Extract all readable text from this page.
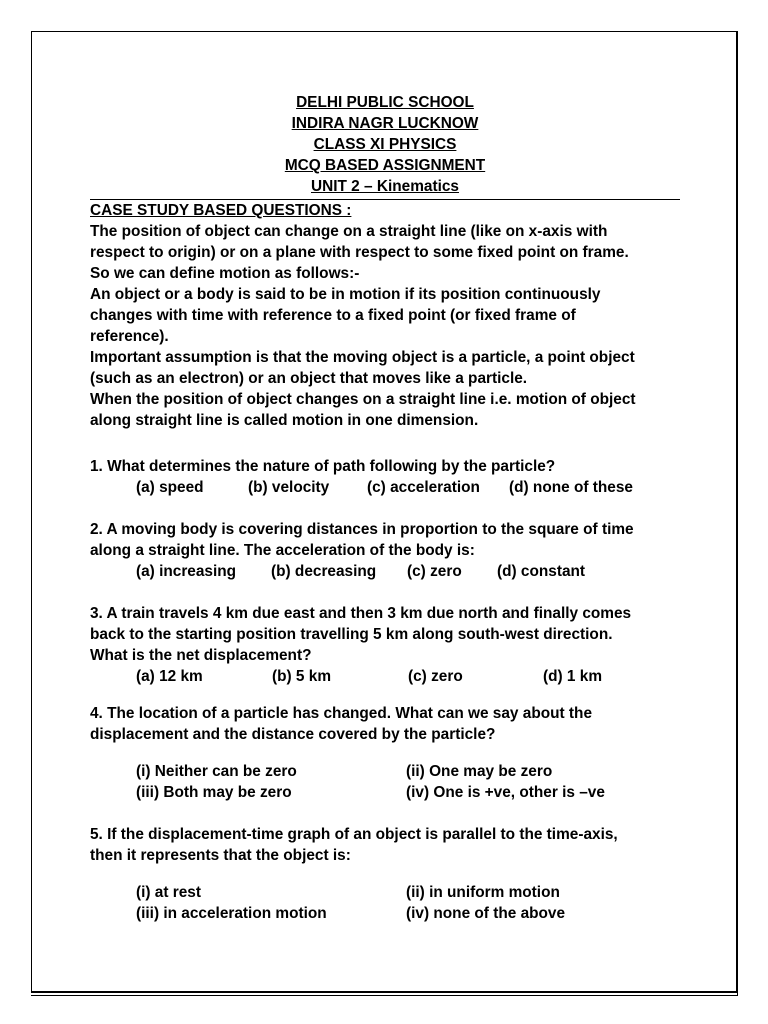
DELHI PUBLIC SCHOOL
INDIRA NAGR LUCKNOW
CLASS XI PHYSICS
MCQ BASED ASSIGNMENT
UNIT 2 – Kinematics
CASE STUDY BASED QUESTIONS :
The position of object can change on a straight line (like on x-axis with
respect to origin) or on a plane with respect to some fixed point on frame.
So we can define motion as follows:-
An object or a body is said to be in motion if its position continuously
changes with time with reference to a fixed point (or fixed frame of
reference).
Important assumption is that the moving object is a particle, a point object
(such as an electron) or an object that moves like a particle.
When the position of object changes on a straight line i.e. motion of object
along straight line is called motion in one dimension.
1. What determines the nature of path following by the particle?
(a) speed	(b) velocity	(c) acceleration	(d) none of these
2. A moving body is covering distances in proportion to the square of time
along a straight line. The acceleration of the body is:
(a) increasing	(b) decreasing	(c) zero	(d) constant
3. A train travels 4 km due east and then 3 km due north and finally comes
back to the starting position travelling 5 km along south-west direction.
What is the net displacement?
(a) 12 km	(b) 5 km	(c) zero	(d) 1 km
4. The location of a particle has changed. What can we say about the
displacement and the distance covered by the particle?
(i) Neither can be zero	(ii) One may be zero
(iii) Both may be zero	(iv) One is +ve, other is –ve
5. If the displacement-time graph of an object is parallel to the time-axis,
then it represents that the object is:
(i) at rest	(ii) in uniform motion
(iii) in acceleration motion	(iv) none of the above
